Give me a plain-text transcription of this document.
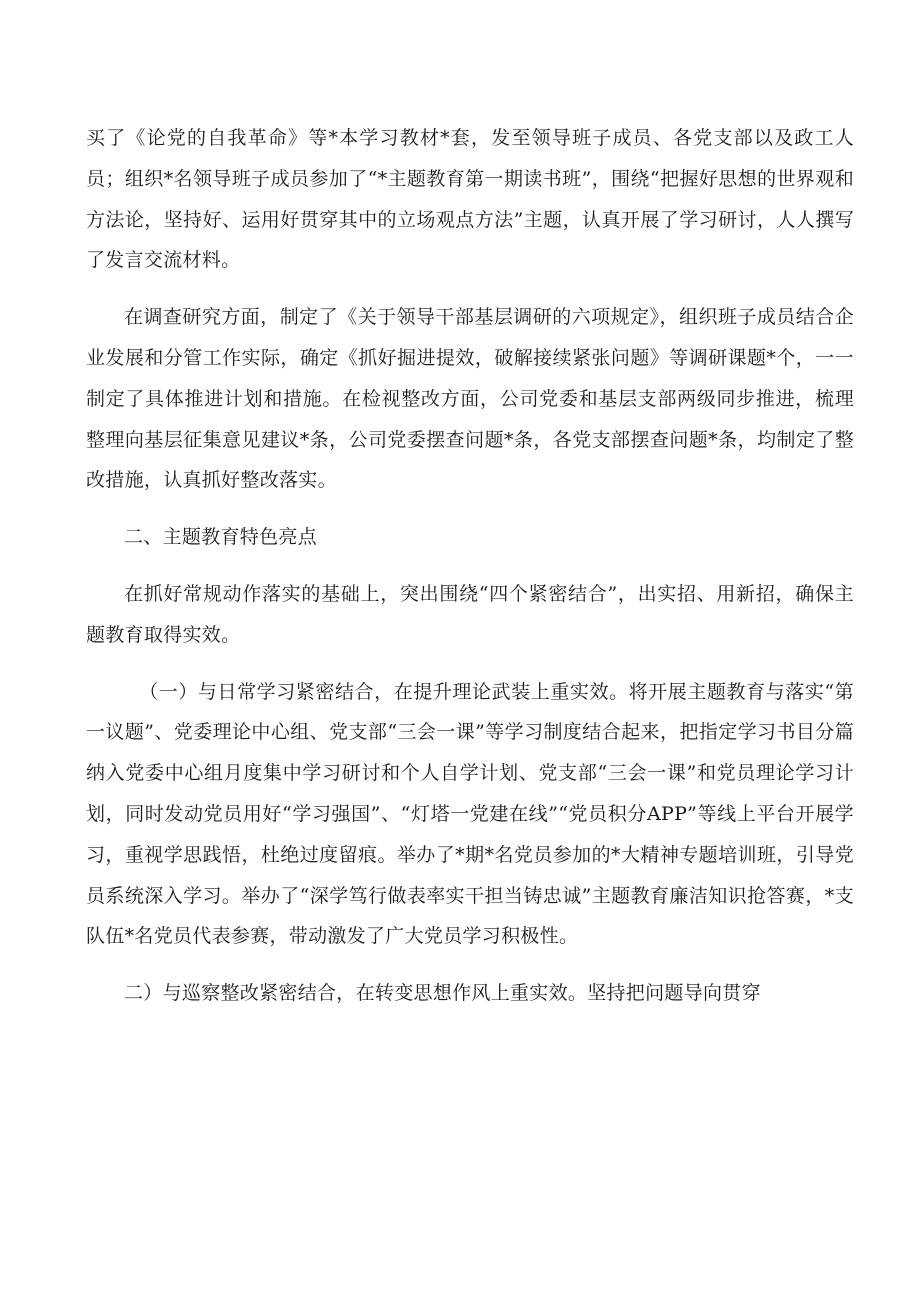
买了《论党的自我革命》等*本学习教材*套，发至领导班子成员、各党支部以及政工人员；组织*名领导班子成员参加了“*主题教育第一期读书班”，围绕“把握好思想的世界观和方法论，坚持好、运用好贯穿其中的立场观点方法”主题，认真开展了学习研讨，人人撰写了发言交流材料。

在调查研究方面，制定了《关于领导干部基层调研的六项规定》，组织班子成员结合企业发展和分管工作实际，确定《抓好掘进提效，破解接续紧张问题》等调研课题*个，一一制定了具体推进计划和措施。在检视整改方面，公司党委和基层支部两级同步推进，梳理整理向基层征集意见建议*条，公司党委摆查问题*条，各党支部摆查问题*条，均制定了整改措施，认真抓好整改落实。

二、主题教育特色亮点

在抓好常规动作落实的基础上，突出围绕“四个紧密结合”，出实招、用新招，确保主题教育取得实效。

（一）与日常学习紧密结合，在提升理论武装上重实效。将开展主题教育与落实“第一议题”、党委理论中心组、党支部“三会一课”等学习制度结合起来，把指定学习书目分篇纳入党委中心组月度集中学习研讨和个人自学计划、党支部“三会一课”和党员理论学习计划，同时发动党员用好“学习强国”、“灯塔一党建在线”“党员积分APP”等线上平台开展学习，重视学思践悟，杜绝过度留痕。举办了*期*名党员参加的*大精神专题培训班，引导党员系统深入学习。举办了“深学笃行做表率实干担当铸忠诚”主题教育廉洁知识抢答赛，*支队伍*名党员代表参赛，带动激发了广大党员学习积极性。

二）与巡察整改紧密结合，在转变思想作风上重实效。坚持把问题导向贯穿
